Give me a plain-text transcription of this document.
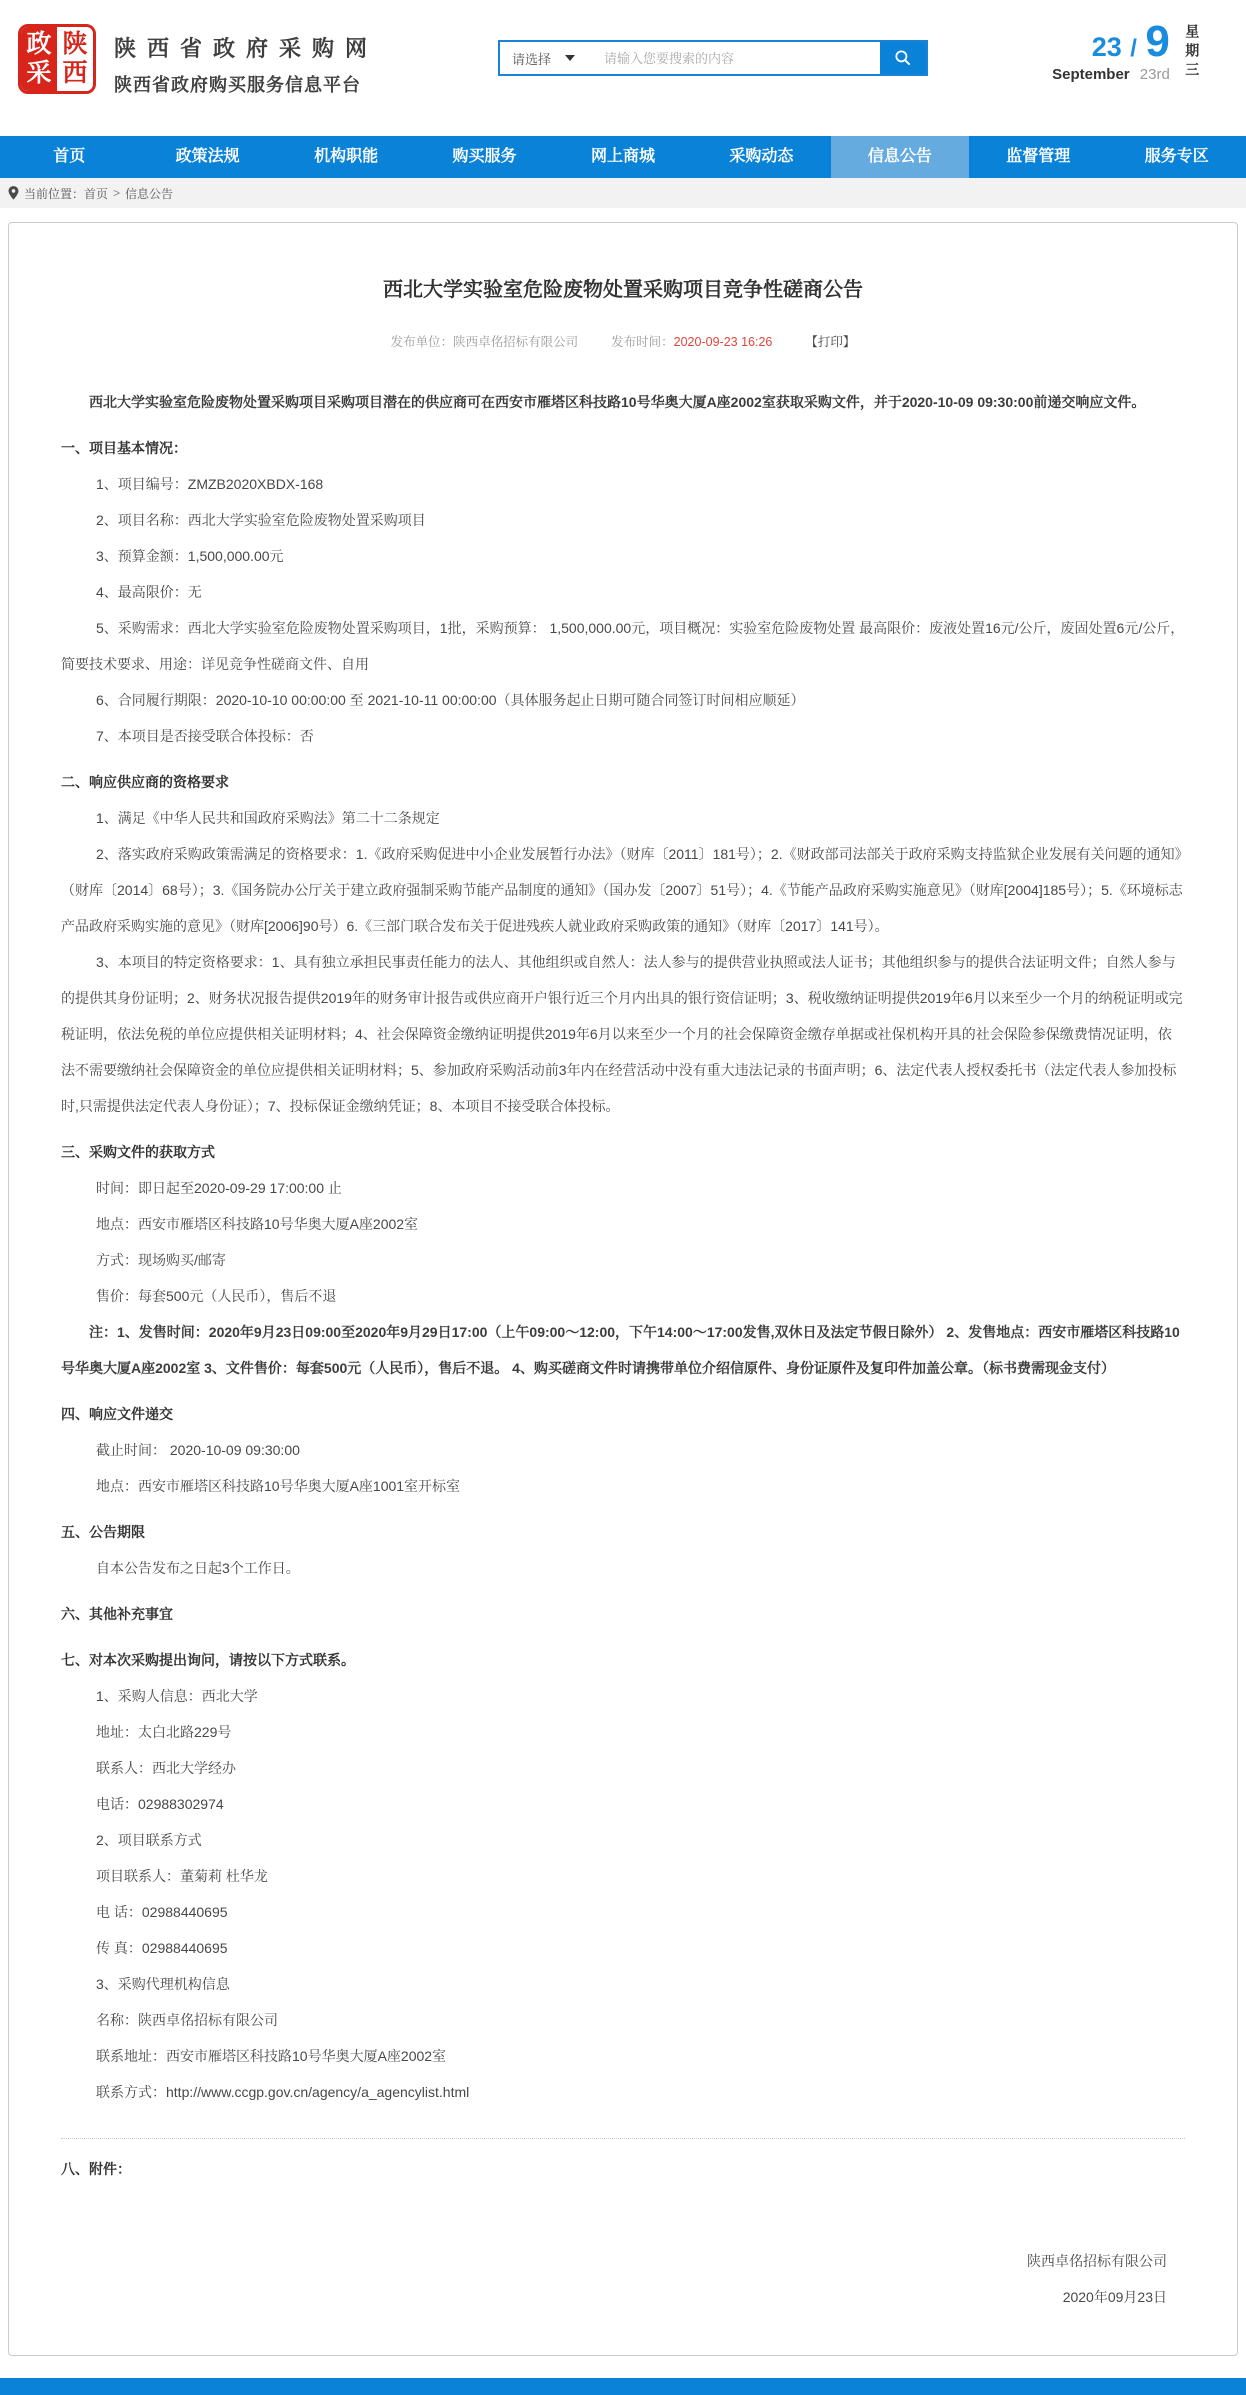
政
采
陕
西
陕西省政府采购网
陕西省政府购买服务信息平台
请选择
请输入您要搜索的内容	23 / 9
September 23rd 星期三
首页	政策法规	机构职能	购买服务	网上商城	采购动态	信息公告	监督管理	服务专区
当前位置： 首页 > 信息公告
西北大学实验室危险废物处置采购项目竞争性磋商公告
发布单位：陕西卓佲招标有限公司	发布时间：2020-09-23 16:26	【打印】

西北大学实验室危险废物处置采购项目采购项目潜在的供应商可在西安市雁塔区科技路10号华奥大厦A座2002室获取采购文件，并于2020-10-09 09:30:00前递交响应文件。

一、项目基本情况：

1、项目编号：ZMZB2020XBDX-168

2、项目名称：西北大学实验室危险废物处置采购项目

3、预算金额：1,500,000.00元

4、最高限价：无

5、采购需求：西北大学实验室危险废物处置采购项目，1批，采购预算： 1,500,000.00元，项目概况：实验室危险废物处置 最高限价：废液处置16元/公斤，废固处置6元/公斤，简要技术要求、用途：详见竞争性磋商文件、自用

6、合同履行期限：2020-10-10 00:00:00 至 2021-10-11 00:00:00（具体服务起止日期可随合同签订时间相应顺延）

7、本项目是否接受联合体投标：否

二、响应供应商的资格要求

1、满足《中华人民共和国政府采购法》第二十二条规定

2、落实政府采购政策需满足的资格要求：1.《政府采购促进中小企业发展暂行办法》（财库〔2011〕181号）；2.《财政部司法部关于政府采购支持监狱企业发展有关问题的通知》（财库〔2014〕68号）；3.《国务院办公厅关于建立政府强制采购节能产品制度的通知》（国办发〔2007〕51号）；4.《节能产品政府采购实施意见》（财库[2004]185号）；5.《环境标志产品政府采购实施的意见》（财库[2006]90号）6.《三部门联合发布关于促进残疾人就业政府采购政策的通知》（财库〔2017〕141号）。

3、本项目的特定资格要求：1、具有独立承担民事责任能力的法人、其他组织或自然人：法人参与的提供营业执照或法人证书；其他组织参与的提供合法证明文件；自然人参与的提供其身份证明；2、财务状况报告提供2019年的财务审计报告或供应商开户银行近三个月内出具的银行资信证明；3、税收缴纳证明提供2019年6月以来至少一个月的纳税证明或完税证明，依法免税的单位应提供相关证明材料；4、社会保障资金缴纳证明提供2019年6月以来至少一个月的社会保障资金缴存单据或社保机构开具的社会保险参保缴费情况证明，依法不需要缴纳社会保障资金的单位应提供相关证明材料；5、参加政府采购活动前3年内在经营活动中没有重大违法记录的书面声明；6、法定代表人授权委托书（法定代表人参加投标时,只需提供法定代表人身份证）；7、投标保证金缴纳凭证；8、本项目不接受联合体投标。

三、采购文件的获取方式

时间：即日起至2020-09-29 17:00:00 止

地点：西安市雁塔区科技路10号华奥大厦A座2002室

方式：现场购买/邮寄

售价：每套500元（人民币），售后不退

注：1、发售时间：2020年9月23日09:00至2020年9月29日17:00（上午09:00～12:00，下午14:00～17:00发售,双休日及法定节假日除外） 2、发售地点：西安市雁塔区科技路10号华奥大厦A座2002室 3、文件售价：每套500元（人民币），售后不退。 4、购买磋商文件时请携带单位介绍信原件、身份证原件及复印件加盖公章。（标书费需现金支付）

四、响应文件递交

截止时间： 2020-10-09 09:30:00

地点：西安市雁塔区科技路10号华奥大厦A座1001室开标室

五、公告期限

自本公告发布之日起3个工作日。

六、其他补充事宜

七、对本次采购提出询问，请按以下方式联系。

1、采购人信息：西北大学

地址：太白北路229号

联系人：西北大学经办

电话：02988302974

2、项目联系方式

项目联系人：董菊莉 杜华龙

电 话：02988440695

传 真：02988440695

3、采购代理机构信息

名称：陕西卓佲招标有限公司

联系地址：西安市雁塔区科技路10号华奥大厦A座2002室

联系方式：http://www.ccgp.gov.cn/agency/a_agencylist.html

八、附件：

陕西卓佲招标有限公司

2020年09月23日
